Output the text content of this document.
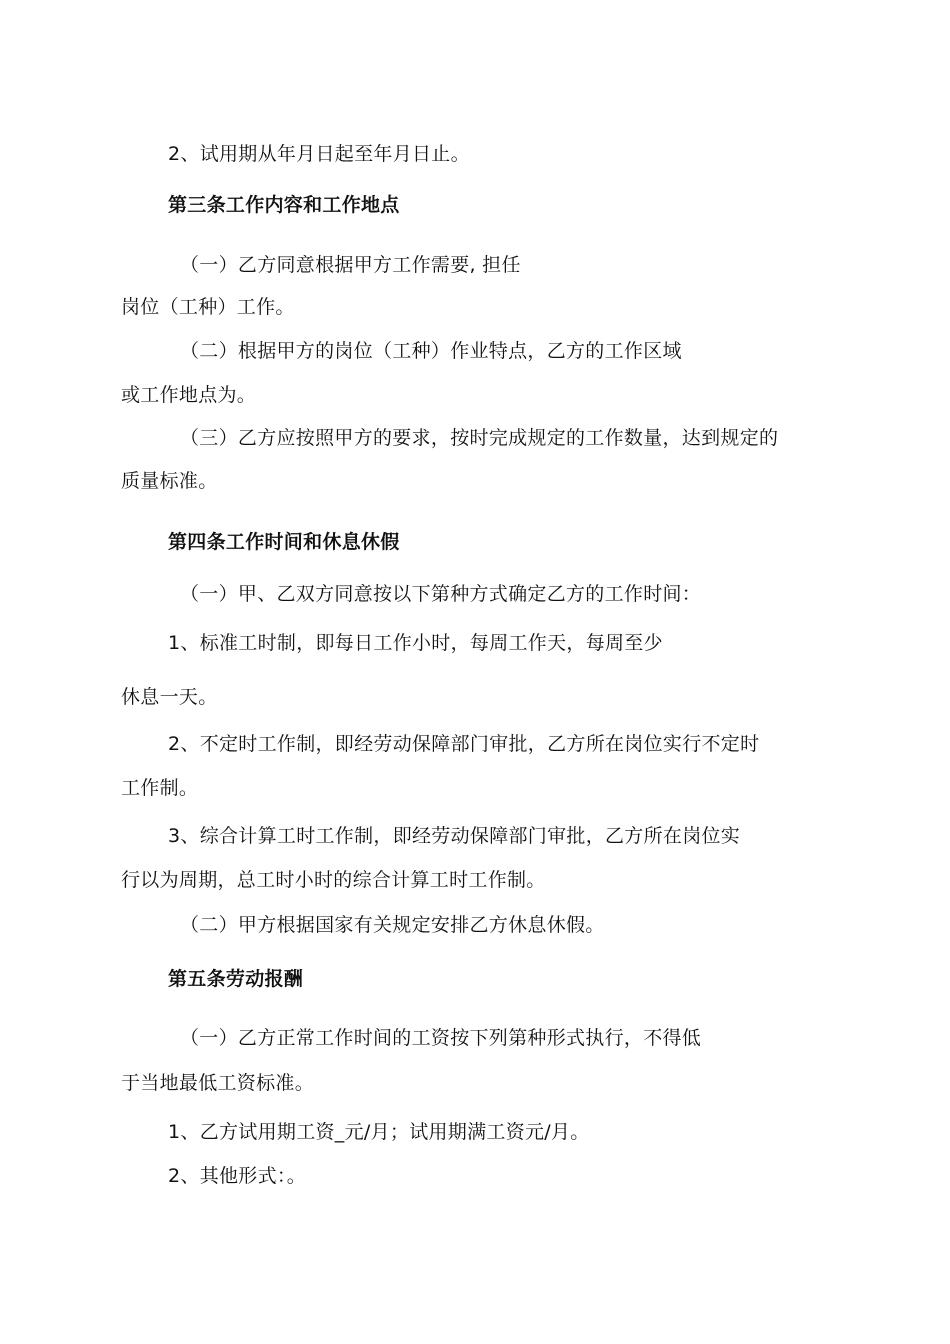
2、试用期从年月日起至年月日止。
第三条工作内容和工作地点
（一）乙方同意根据甲方工作需要, 担任
岗位（工种）工作。
（二）根据甲方的岗位（工种）作业特点，乙方的工作区域
或工作地点为。
（三）乙方应按照甲方的要求，按时完成规定的工作数量，达到规定的
质量标准。
第四条工作时间和休息休假
（一）甲、乙双方同意按以下第种方式确定乙方的工作时间：
1、标准工时制，即每日工作小时，每周工作天，每周至少
休息一天。
2、不定时工作制，即经劳动保障部门审批，乙方所在岗位实行不定时
工作制。
3、综合计算工时工作制，即经劳动保障部门审批，乙方所在岗位实
行以为周期，总工时小时的综合计算工时工作制。
（二）甲方根据国家有关规定安排乙方休息休假。
第五条劳动报酬
（一）乙方正常工作时间的工资按下列第种形式执行，不得低
于当地最低工资标准。
1、乙方试用期工资_元/月；试用期满工资元/月。
2、其他形式：。
